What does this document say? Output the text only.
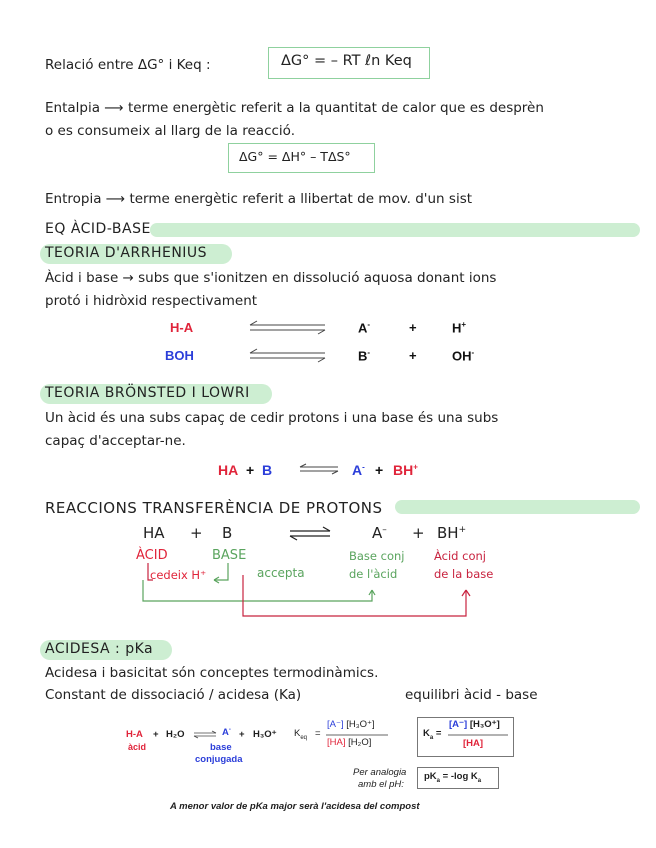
Relació entre ΔG° i Keq :	ΔG° = – RT ℓn Keq
Entalpia ⟶ terme energètic referit a la quantitat de calor que es desprèn
o es consumeix al llarg de la reacció.
ΔG° = ΔH° – TΔS°
Entropia ⟶ terme energètic referit a llibertat de mov. d'un sist
EQ ÀCID-BASE
TEORIA D'ARRHENIUS
Àcid i base → subs que s'ionitzen en dissolució aquosa donant ions
protó i hidròxid respectivament
H-A	A-	+	H+
BOH	B-	+	OH-
TEORIA BRÖNSTED I LOWRI
Un àcid és una subs capaç de cedir protons i una base és una subs
capaç d'acceptar-ne.
HA + B	A- + BH+
REACCIONS TRANSFERÈNCIA DE PROTONS
HA + B	A– + BH+
ÀCID	BASE
cedeix H⁺	accepta
Base conj
de l'àcid
Àcid conj
de la base
ACIDESA : pKa
Acidesa i basicitat són conceptes termodinàmics.
Constant de dissociació / acidesa (Ka)	equilibri àcid - base
H-A
àcid
+ H₂O	A- + H₃O⁺
base
conjugada
$K_{eq}$ =
[A⁻] [H₃O⁺]
[HA] [H₂O]
$K_a$ =
[A⁻] [H₃O⁺]
[HA]
Per analogia
amb el pH:
$pK_a = -\log$ $K_a$
A menor valor de pKa major serà l'acidesa del compost
